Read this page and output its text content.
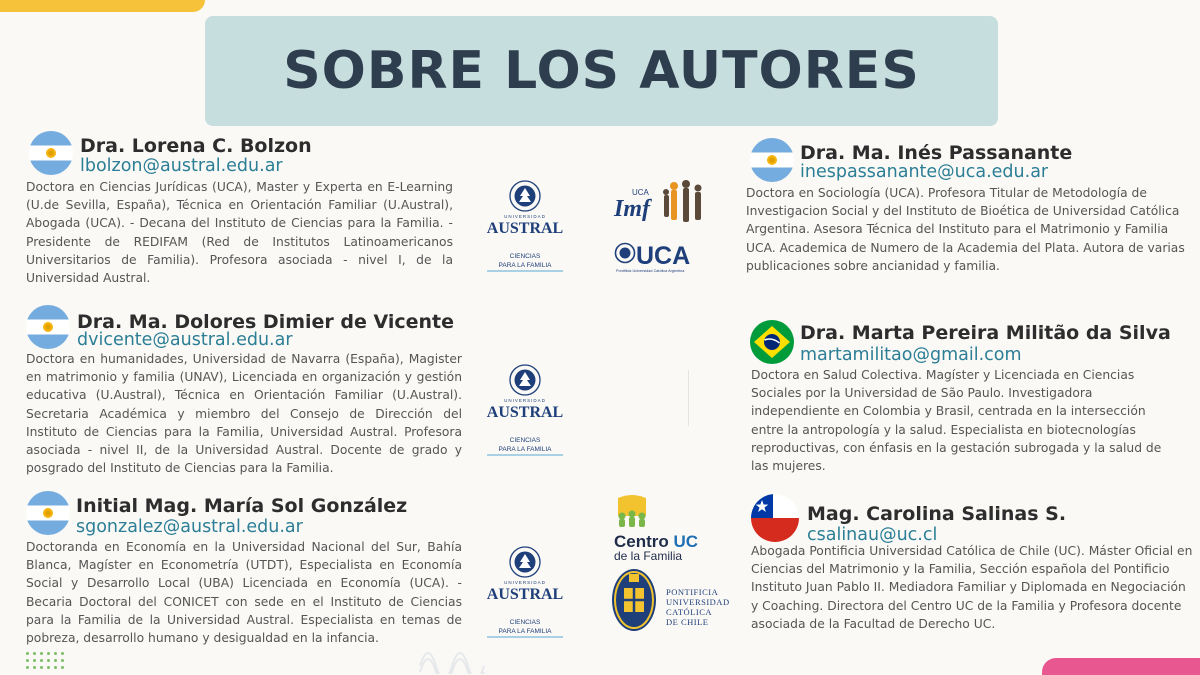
SOBRE LOS AUTORES
Dra. Lorena C. Bolzon
lbolzon@austral.edu.ar
Doctora en Ciencias Jurídicas (UCA), Master y Experta en E-Learning (U.de Sevilla, España), Técnica en Orientación Familiar (U.Austral), Abogada (UCA). - Decana del Instituto de Ciencias para la Familia. - Presidente de REDIFAM (Red de Institutos Latinoamericanos Universitarios de Familia). Profesora asociada - nivel I, de la Universidad Austral.
Dra. Ma. Dolores Dimier de Vicente
dvicente@austral.edu.ar
Doctora en humanidades, Universidad de Navarra (España), Magister en matrimonio y familia (UNAV), Licenciada en organización y gestión educativa (U.Austral), Técnica en Orientación Familiar (U.Austral). Secretaria Académica y miembro del Consejo de Dirección del Instituto de Ciencias para la Familia, Universidad Austral. Profesora asociada - nivel II, de la Universidad Austral. Docente de grado y posgrado del Instituto de Ciencias para la Familia.
Initial Mag. María Sol González
sgonzalez@austral.edu.ar
Doctoranda en Economía en la Universidad Nacional del Sur, Bahía Blanca, Magíster en Econometría (UTDT), Especialista en Economía Social y Desarrollo Local (UBA) Licenciada en Economía (UCA). - Becaria Doctoral del CONICET con sede en el Instituto de Ciencias para la Familia de la Universidad Austral. Especialista en temas de pobreza, desarrollo humano y desigualdad en la infancia.
Dra. Ma. Inés Passanante
inespassanante@uca.edu.ar
Doctora en Sociología (UCA). Profesora Titular de Metodología de Investigacion Social y del Instituto de Bioética de Universidad Católica Argentina. Asesora Técnica del Instituto para el Matrimonio y Familia UCA. Academica de Numero de la Academia del Plata. Autora de varias publicaciones sobre ancianidad y familia.
Dra. Marta Pereira Militão da Silva
martamilitao@gmail.com
Doctora en Salud Colectiva. Magíster y Licenciada en Ciencias Sociales por la Universidad de São Paulo. Investigadora independiente en Colombia y Brasil, centrada en la intersección entre la antropología y la salud. Especialista en biotecnologías reproductivas, con énfasis en la gestación subrogada y la salud de las mujeres.
Mag. Carolina Salinas S.
csalinau@uc.cl
Abogada Pontificia Universidad Católica de Chile (UC). Máster Oficial en Ciencias del Matrimonio y la Familia, Sección española del Pontificio Instituto Juan Pablo II. Mediadora Familiar y Diplomada en Negociación y Coaching. Directora del Centro UC de la Familia y Profesora docente asociada de la Facultad de Derecho UC.
UNIVERSIDAD
AUSTRAL
CIENCIAS
PARA LA FAMILIA
UNIVERSIDAD
AUSTRAL
CIENCIAS
PARA LA FAMILIA
UNIVERSIDAD
AUSTRAL
CIENCIAS
PARA LA FAMILIA
UCA
Imf
UCA
Pontificia Universidad Católica Argentina
Centro UC
de la Familia
PONTIFICIA
UNIVERSIDAD
CATÓLICA
DE CHILE
